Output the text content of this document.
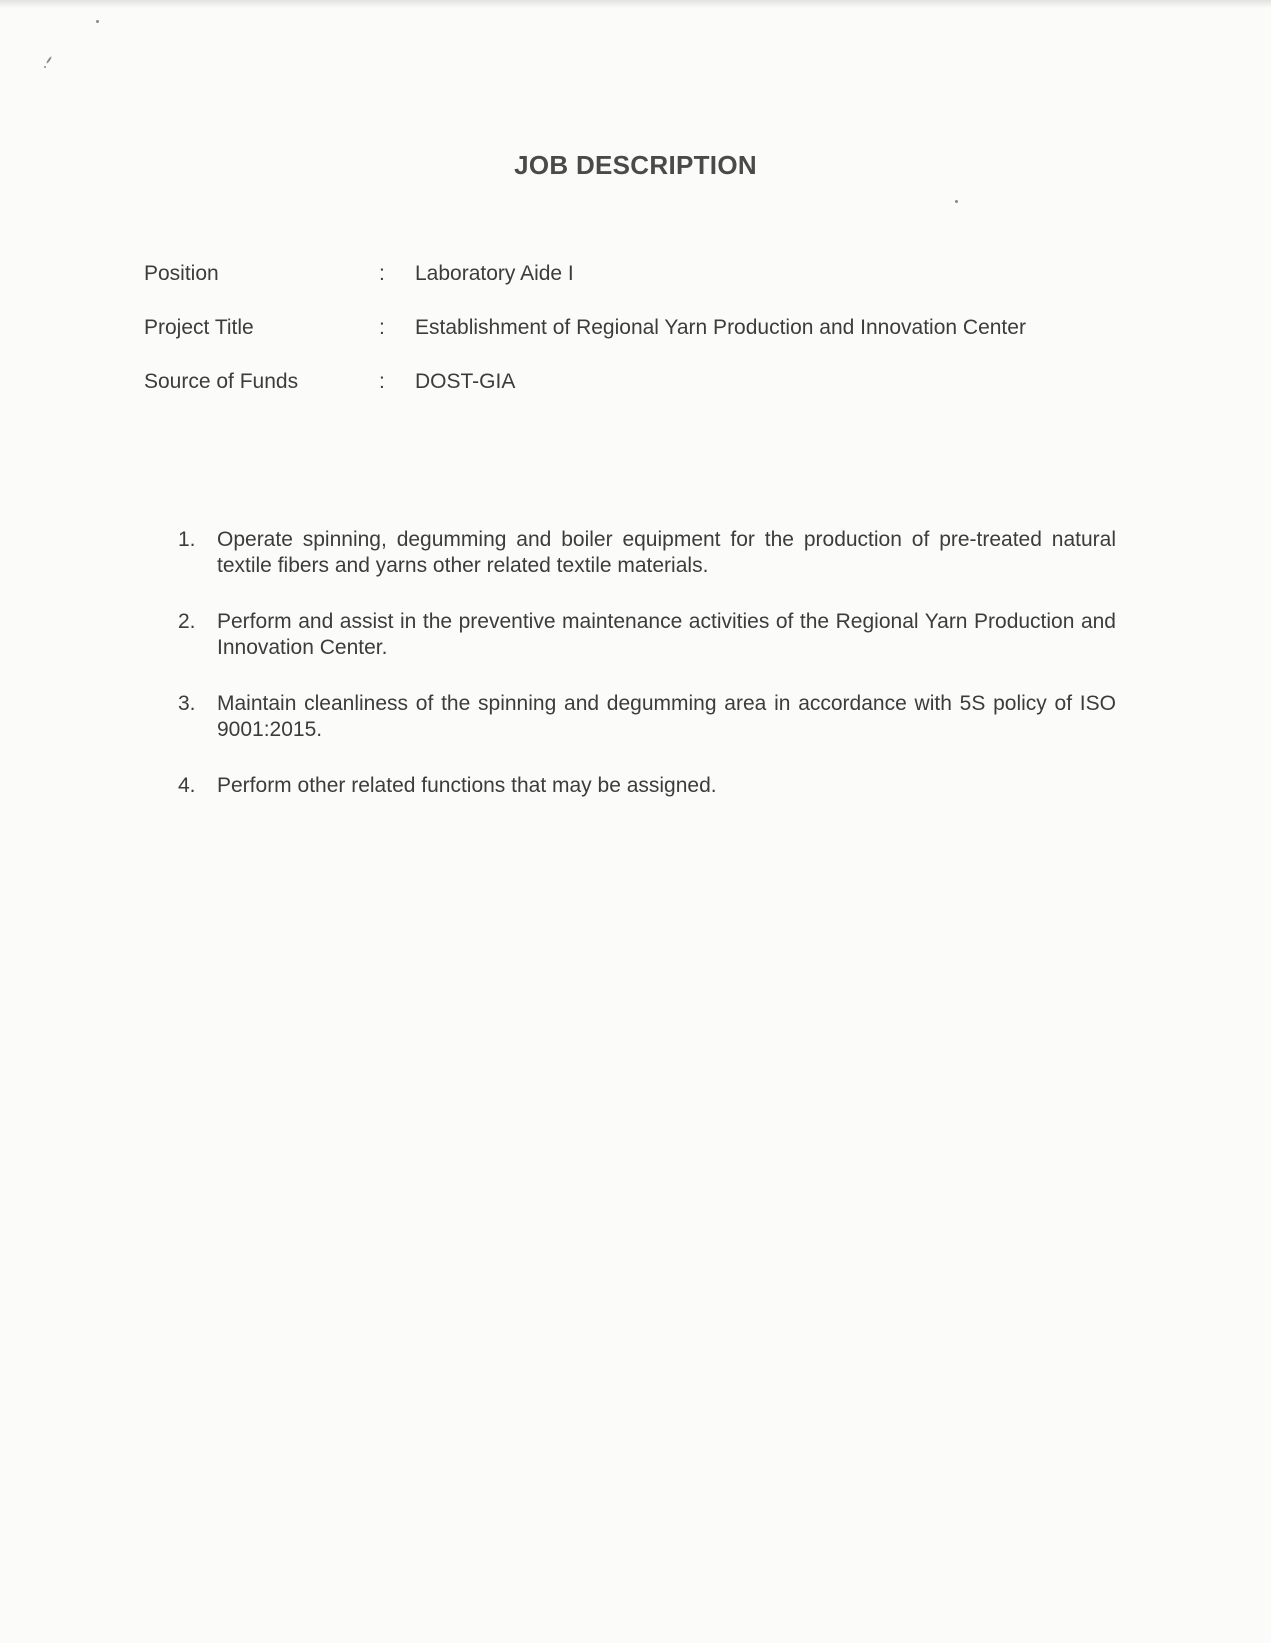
JOB DESCRIPTION
Position	: Laboratory Aide I
Project Title	: Establishment of Regional Yarn Production and Innovation Center
Source of Funds	: DOST-GIA
1. Operate spinning, degumming and boiler equipment for the production of pre-treated natural textile fibers and yarns other related textile materials.
2. Perform and assist in the preventive maintenance activities of the Regional Yarn Production and Innovation Center.
3. Maintain cleanliness of the spinning and degumming area in accordance with 5S policy of ISO 9001:2015.
4. Perform other related functions that may be assigned.
